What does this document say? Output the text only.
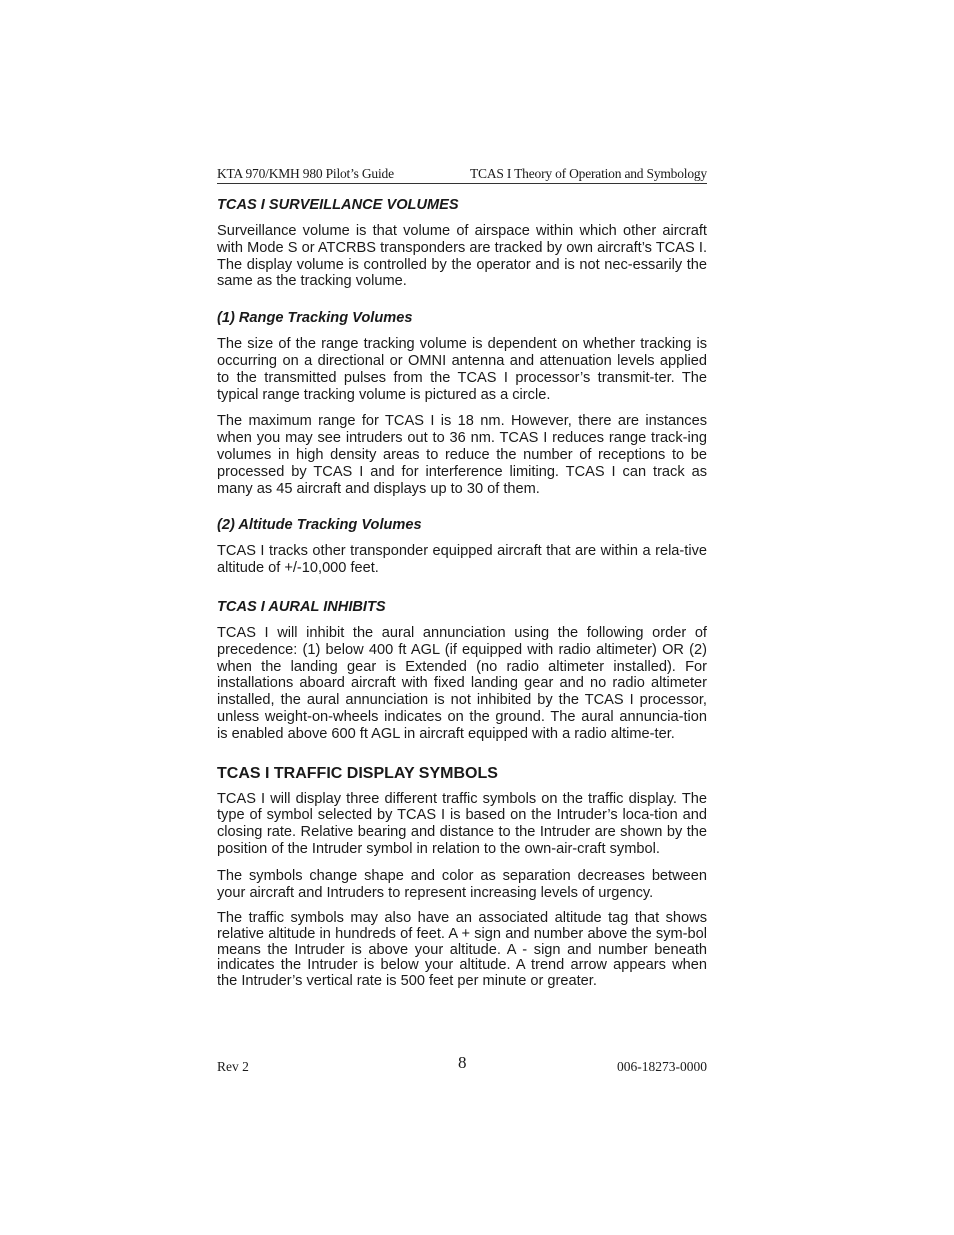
KTA 970/KMH 980 Pilot’s Guide	TCAS I Theory of Operation and Symbology
TCAS I SURVEILLANCE VOLUMES

Surveillance volume is that volume of airspace within which other aircraft with Mode S or ATCRBS transponders are tracked by own aircraft’s TCAS I. The display volume is controlled by the operator and is not nec-essarily the same as the tracking volume.

(1) Range Tracking Volumes

The size of the range tracking volume is dependent on whether tracking is occurring on a directional or OMNI antenna and attenuation levels applied to the transmitted pulses from the TCAS I processor’s transmit-ter. The typical range tracking volume is pictured as a circle.

The maximum range for TCAS I is 18 nm. However, there are instances when you may see intruders out to 36 nm. TCAS I reduces range track-ing volumes in high density areas to reduce the number of receptions to be processed by TCAS I and for interference limiting. TCAS I can track as many as 45 aircraft and displays up to 30 of them.

(2) Altitude Tracking Volumes

TCAS I tracks other transponder equipped aircraft that are within a rela-tive altitude of +/-10,000 feet.

TCAS I AURAL INHIBITS

TCAS I will inhibit the aural annunciation using the following order of precedence: (1) below 400 ft AGL (if equipped with radio altimeter) OR (2) when the landing gear is Extended (no radio altimeter installed). For installations aboard aircraft with fixed landing gear and no radio altimeter installed, the aural annunciation is not inhibited by the TCAS I processor, unless weight-on-wheels indicates on the ground. The aural annuncia-tion is enabled above 600 ft AGL in aircraft equipped with a radio altime-ter.

TCAS I TRAFFIC DISPLAY SYMBOLS

TCAS I will display three different traffic symbols on the traffic display. The type of symbol selected by TCAS I is based on the Intruder’s loca-tion and closing rate. Relative bearing and distance to the Intruder are shown by the position of the Intruder symbol in relation to the own-air-craft symbol.

The symbols change shape and color as separation decreases between your aircraft and Intruders to represent increasing levels of urgency.

The traffic symbols may also have an associated altitude tag that shows relative altitude in hundreds of feet. A + sign and number above the sym-bol means the Intruder is above your altitude. A - sign and number beneath indicates the Intruder is below your altitude. A trend arrow appears when the Intruder’s vertical rate is 500 feet per minute or greater.

Rev 2	8	006-18273-0000
